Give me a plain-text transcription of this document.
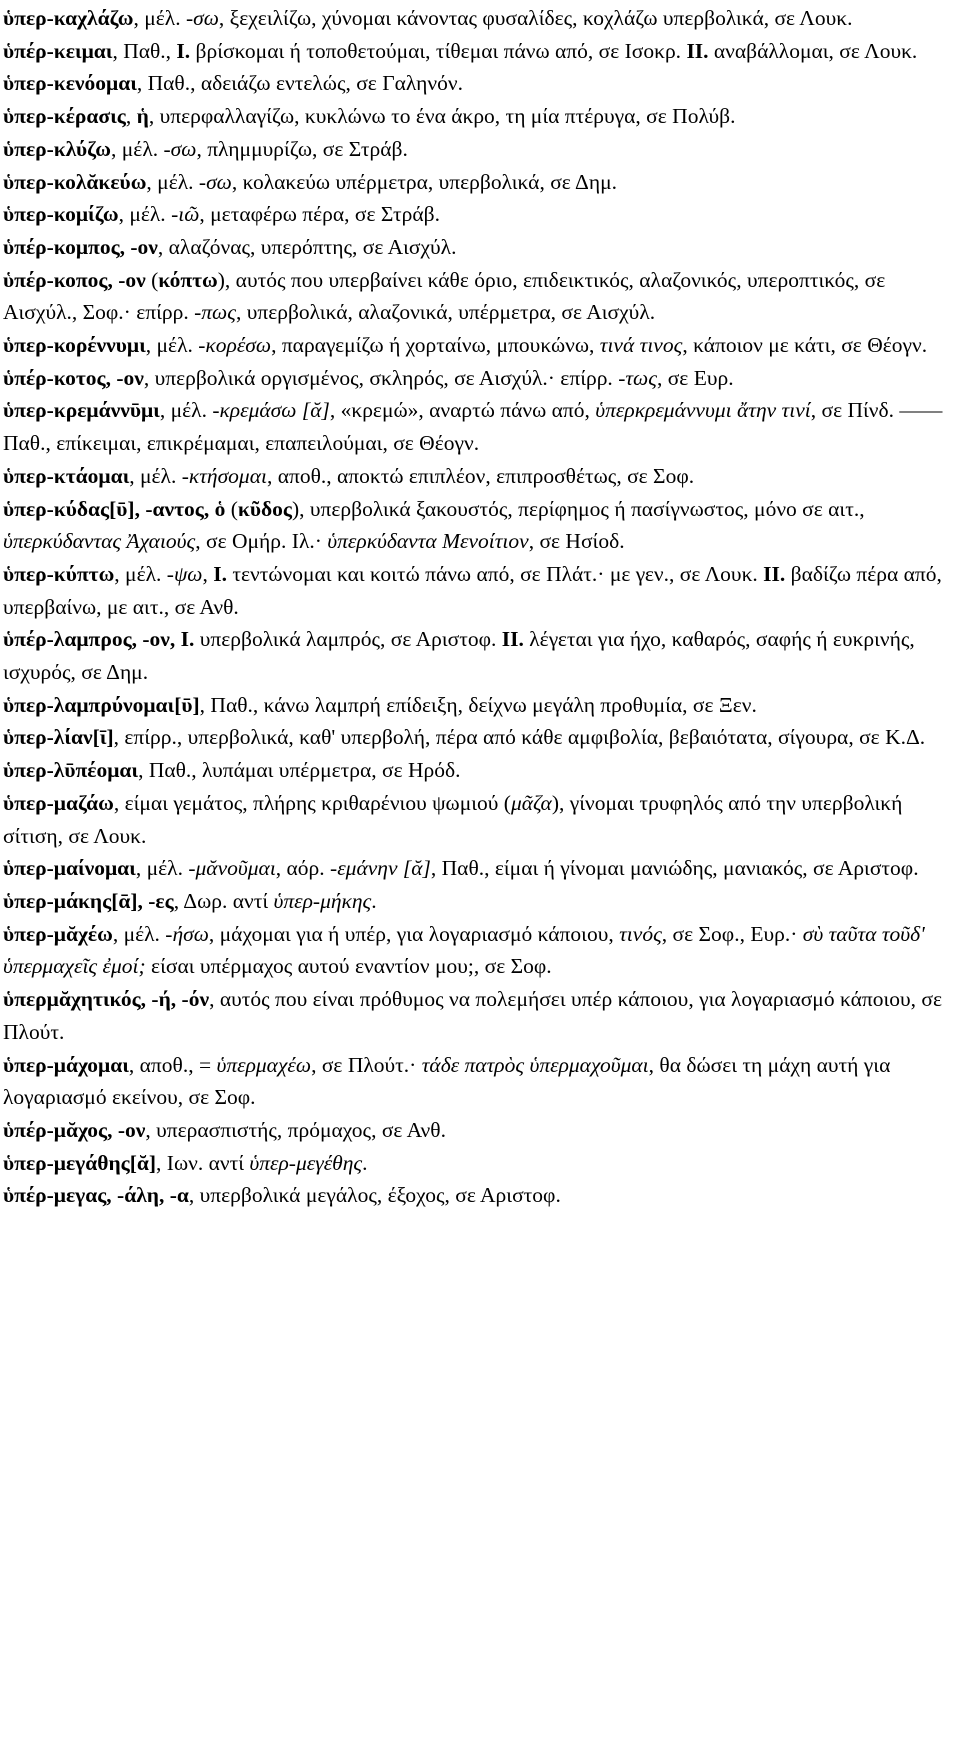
ὑπερ-καχλάζω, μέλ. -σω, ξεχειλίζω, χύνομαι κάνοντας φυσαλίδες, κοχλάζω υπερβολικά, σε Λουκ.

ὑπέρ-κειμαι, Παθ., I. βρίσκομαι ή τοποθετούμαι, τίθεμαι πάνω από, σε Ισοκρ. II. αναβάλλομαι, σε Λουκ.

ὑπερ-κενόομαι, Παθ., αδειάζω εντελώς, σε Γαληνόν.

ὑπερ-κέρασις, ἡ, υπερφαλλαγίζω, κυκλώνω το ένα άκρο, τη μία πτέρυγα, σε Πολύβ.

ὑπερ-κλύζω, μέλ. -σω, πλημμυρίζω, σε Στράβ.

ὑπερ-κολᾰκεύω, μέλ. -σω, κολακεύω υπέρμετρα, υπερβολικά, σε Δημ.

ὑπερ-κομίζω, μέλ. -ιῶ, μεταφέρω πέρα, σε Στράβ.

ὑπέρ-κομπος, -ον, αλαζόνας, υπερόπτης, σε Αισχύλ.

ὑπέρ-κοπος, -ον (κόπτω), αυτός που υπερβαίνει κάθε όριο, επιδεικτικός, αλαζονικός, υπεροπτικός, σε Αισχύλ., Σοφ.· επίρρ. -πως, υπερβολικά, αλαζονικά, υπέρμετρα, σε Αισχύλ.

ὑπερ-κορέννυμι, μέλ. -κορέσω, παραγεμίζω ή χορταίνω, μπουκώνω, τινά τινος, κάποιον με κάτι, σε Θέογν.

ὑπέρ-κοτος, -ον, υπερβολικά οργισμένος, σκληρός, σε Αισχύλ.· επίρρ. -τως, σε Ευρ.

ὑπερ-κρεμάννῡμι, μέλ. -κρεμάσω [ᾰ], «κρεμώ», αναρτώ πάνω από, ὑπερκρεμάννυμι ἄτην τινί, σε Πίνδ. —— Παθ., επίκειμαι, επικρέμαμαι, επαπειλούμαι, σε Θέογν.

ὑπερ-κτάομαι, μέλ. -κτήσομαι, αποθ., αποκτώ επιπλέον, επιπροσθέτως, σε Σοφ.

ὑπερ-κύδας[ῡ], -αντος, ὁ (κῦδος), υπερβολικά ξακουστός, περίφημος ή πασίγνωστος, μόνο σε αιτ., ὑπερκύδαντας Ἀχαιούς, σε Ομήρ. Ιλ.· ὑπερκύδαντα Μενοίτιον, σε Ησίοδ.

ὑπερ-κύπτω, μέλ. -ψω, I. τεντώνομαι και κοιτώ πάνω από, σε Πλάτ.· με γεν., σε Λουκ. II. βαδίζω πέρα από, υπερβαίνω, με αιτ., σε Ανθ.

ὑπέρ-λαμπρος, -ον, I. υπερβολικά λαμπρός, σε Αριστοφ. II. λέγεται για ήχο, καθαρός, σαφής ή ευκρινής, ισχυρός, σε Δημ.

ὑπερ-λαμπρύνομαι[ῡ], Παθ., κάνω λαμπρή επίδειξη, δείχνω μεγάλη προθυμία, σε Ξεν.

ὑπερ-λίαν[ῑ], επίρρ., υπερβολικά, καθ' υπερβολή, πέρα από κάθε αμφιβολία, βεβαιότατα, σίγουρα, σε Κ.Δ.

ὑπερ-λῡπέομαι, Παθ., λυπάμαι υπέρμετρα, σε Ηρόδ.

ὑπερ-μαζάω, είμαι γεμάτος, πλήρης κριθαρένιου ψωμιού (μᾶζα), γίνομαι τρυφηλός από την υπερβολική σίτιση, σε Λουκ.

ὑπερ-μαίνομαι, μέλ. -μᾰνοῦμαι, αόρ. -εμάνην [ᾰ], Παθ., είμαι ή γίνομαι μανιώδης, μανιακός, σε Αριστοφ.

ὑπερ-μάκης[ᾱ], -ες, Δωρ. αντί ὑπερ-μήκης.

ὑπερ-μᾰχέω, μέλ. -ήσω, μάχομαι για ή υπέρ, για λογαριασμό κάποιου, τινός, σε Σοφ., Ευρ.· σὺ ταῦτα τοῦδ' ὑπερμαχεῖς ἐμοί; είσαι υπέρμαχος αυτού εναντίον μου;, σε Σοφ.

ὑπερμᾰχητικός, -ή, -όν, αυτός που είναι πρόθυμος να πολεμήσει υπέρ κάποιου, για λογαριασμό κάποιου, σε Πλούτ.

ὑπερ-μάχομαι, αποθ., = ὑπερμαχέω, σε Πλούτ.· τάδε πατρὸς ὑπερμαχοῦμαι, θα δώσει τη μάχη αυτή για λογαριασμό εκείνου, σε Σοφ.

ὑπέρ-μᾰχος, -ον, υπερασπιστής, πρόμαχος, σε Ανθ.

ὑπερ-μεγάθης[ᾰ], Ιων. αντί ὑπερ-μεγέθης.

ὑπέρ-μεγας, -άλη, -α, υπερβολικά μεγάλος, έξοχος, σε Αριστοφ.
